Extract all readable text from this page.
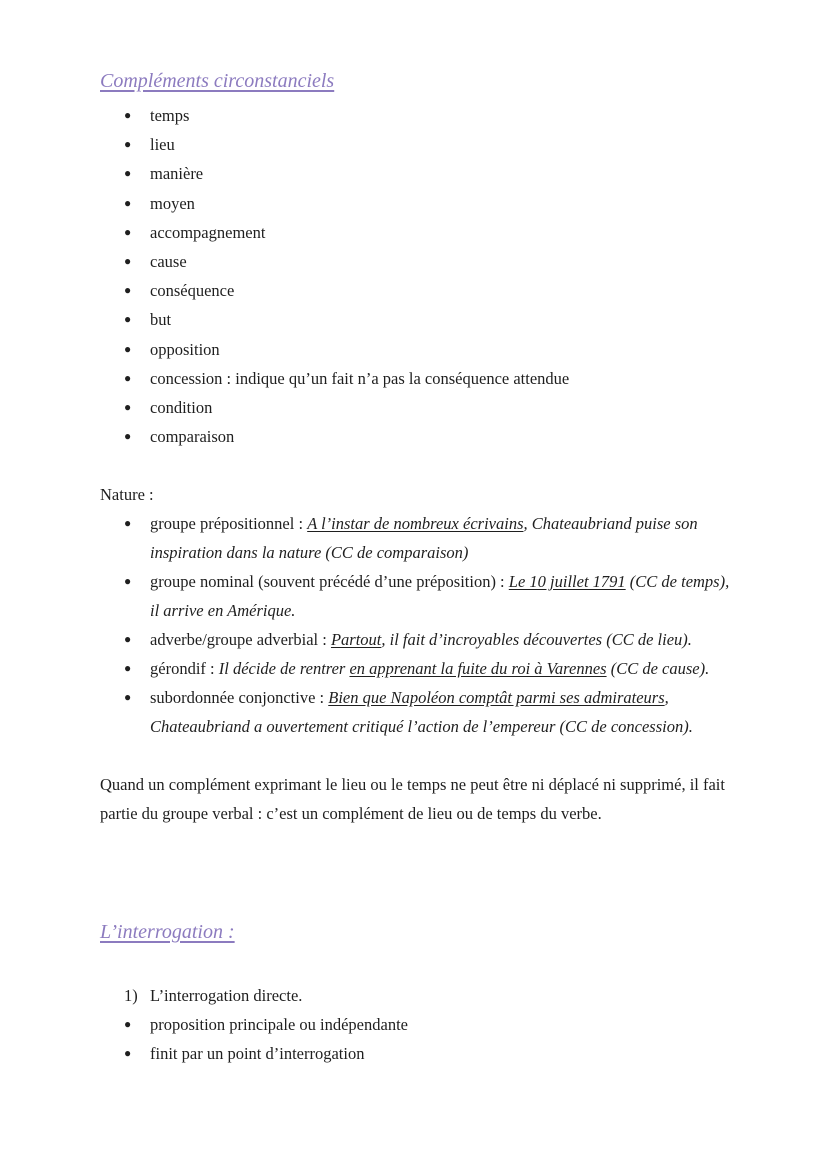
Compléments circonstanciels
● temps
● lieu
● manière
● moyen
● accompagnement
● cause
● conséquence
● but
● opposition
● concession : indique qu’un fait n’a pas la conséquence attendue
● condition
● comparaison

Nature :

● groupe prépositionnel : A l’instar de nombreux écrivains, Chateaubriand puise son inspiration dans la nature (CC de comparaison)
● groupe nominal (souvent précédé d’une préposition) : Le 10 juillet 1791 (CC de temps), il arrive en Amérique.
● adverbe/groupe adverbial : Partout, il fait d’incroyables découvertes (CC de lieu).
● gérondif : Il décide de rentrer en apprenant la fuite du roi à Varennes (CC de cause).
● subordonnée conjonctive : Bien que Napoléon comptât parmi ses admirateurs, Chateaubriand a ouvertement critiqué l’action de l’empereur (CC de concession).

Quand un complément exprimant le lieu ou le temps ne peut être ni déplacé ni supprimé, il fait partie du groupe verbal : c’est un complément de lieu ou de temps du verbe.

L’interrogation :

1) L’interrogation directe.

● proposition principale ou indépendante
● finit par un point d’interrogation
